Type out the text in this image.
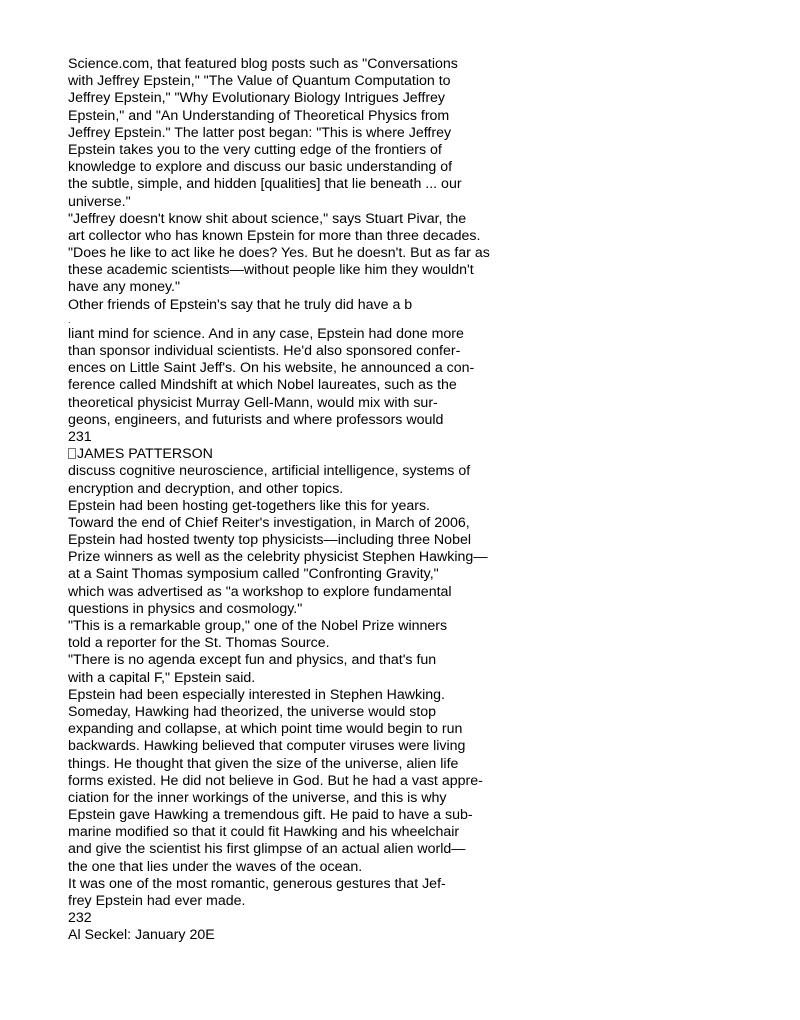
Science.com, that featured blog posts such as "Conversations
with Jeffrey Epstein," "The Value of Quantum Computation to
Jeffrey Epstein," "Why Evolutionary Biology Intrigues Jeffrey
Epstein," and "An Understanding of Theoretical Physics from
Jeffrey Epstein." The latter post began: "This is where Jeffrey
Epstein takes you to the very cutting edge of the frontiers of
knowledge to explore and discuss our basic understanding of
the subtle, simple, and hidden [qualities] that lie beneath ... our
universe."
"Jeffrey doesn't know shit about science," says Stuart Pivar, the
art collector who has known Epstein for more than three decades.
"Does he like to act like he does? Yes. But he doesn't. But as far as
these academic scientists—without people like him they wouldn't
have any money."
Other friends of Epstein's say that he truly did have a b
.
liant mind for science. And in any case, Epstein had done more
than sponsor individual scientists. He'd also sponsored confer-
ences on Little Saint Jeff's. On his website, he announced a con-
ference called Mindshift at which Nobel laureates, such as the
theoretical physicist Murray Gell-Mann, would mix with sur-
geons, engineers, and futurists and where professors would
231
JAMES PATTERSON
discuss cognitive neuroscience, artificial intelligence, systems of
encryption and decryption, and other topics.
Epstein had been hosting get-togethers like this for years.
Toward the end of Chief Reiter's investigation, in March of 2006,
Epstein had hosted twenty top physicists—including three Nobel
Prize winners as well as the celebrity physicist Stephen Hawking—
at a Saint Thomas symposium called "Confronting Gravity,"
which was advertised as "a workshop to explore fundamental
questions in physics and cosmology."
"This is a remarkable group," one of the Nobel Prize winners
told a reporter for the St. Thomas Source.
"There is no agenda except fun and physics, and that's fun
with a capital F," Epstein said.
Epstein had been especially interested in Stephen Hawking.
Someday, Hawking had theorized, the universe would stop
expanding and collapse, at which point time would begin to run
backwards. Hawking believed that computer viruses were living
things. He thought that given the size of the universe, alien life
forms existed. He did not believe in God. But he had a vast appre-
ciation for the inner workings of the universe, and this is why
Epstein gave Hawking a tremendous gift. He paid to have a sub-
marine modified so that it could fit Hawking and his wheelchair
and give the scientist his first glimpse of an actual alien world—
the one that lies under the waves of the ocean.
It was one of the most romantic, generous gestures that Jef-
frey Epstein had ever made.
232
Al Seckel: January 20E
